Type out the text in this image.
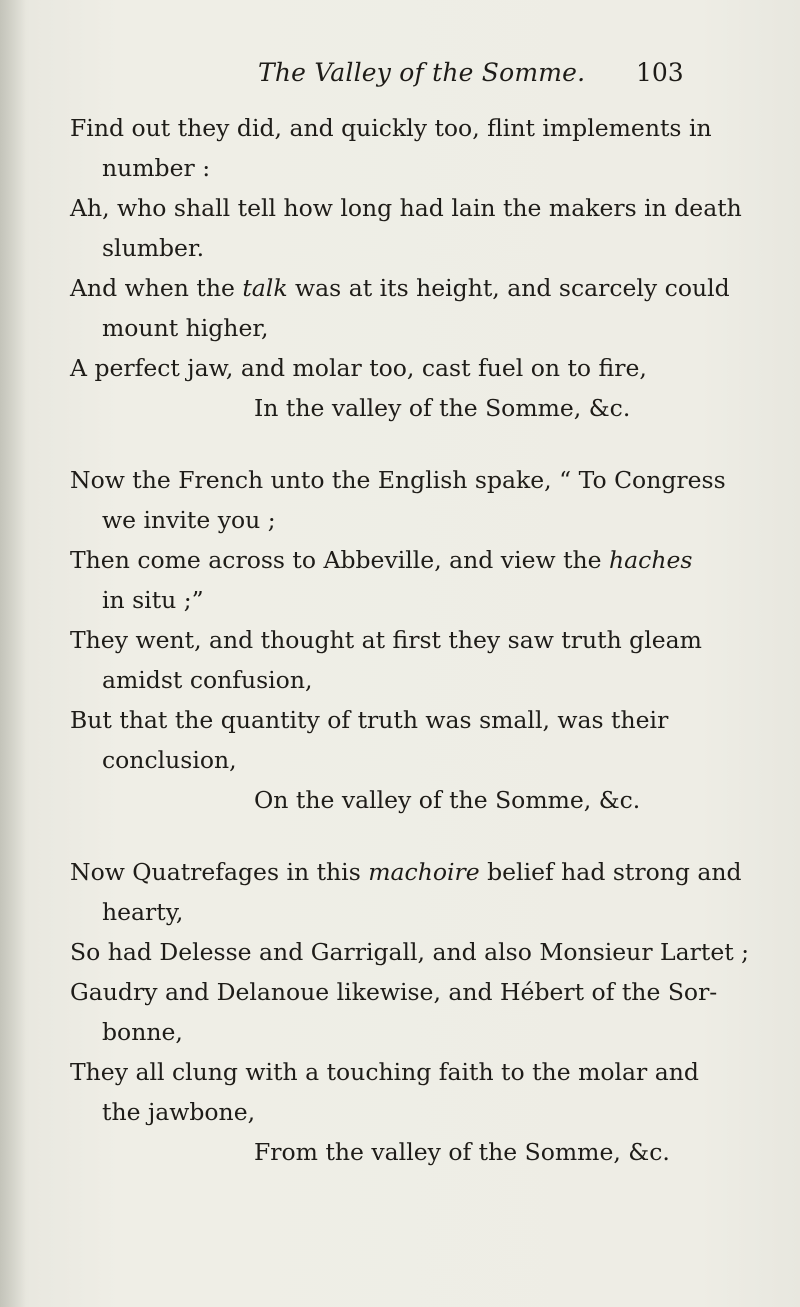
The Valley of the Somme. 103
Find out they did, and quickly too, flint implements in
number :
Ah, who shall tell how long had lain the makers in death
slumber.
And when the talk was at its height, and scarcely could
mount higher,
A perfect jaw, and molar too, cast fuel on to fire,
In the valley of the Somme, &c.
Now the French unto the English spake, “ To Congress
we invite you ;
Then come across to Abbeville, and view the haches
in situ ;”
They went, and thought at first they saw truth gleam
amidst confusion,
But that the quantity of truth was small, was their
conclusion,
On the valley of the Somme, &c.
Now Quatrefages in this machoire belief had strong and
hearty,
So had Delesse and Garrigall, and also Monsieur Lartet ;
Gaudry and Delanoue likewise, and Hébert of the Sor-
bonne,
They all clung with a touching faith to the molar and
the jawbone,
From the valley of the Somme, &c.
